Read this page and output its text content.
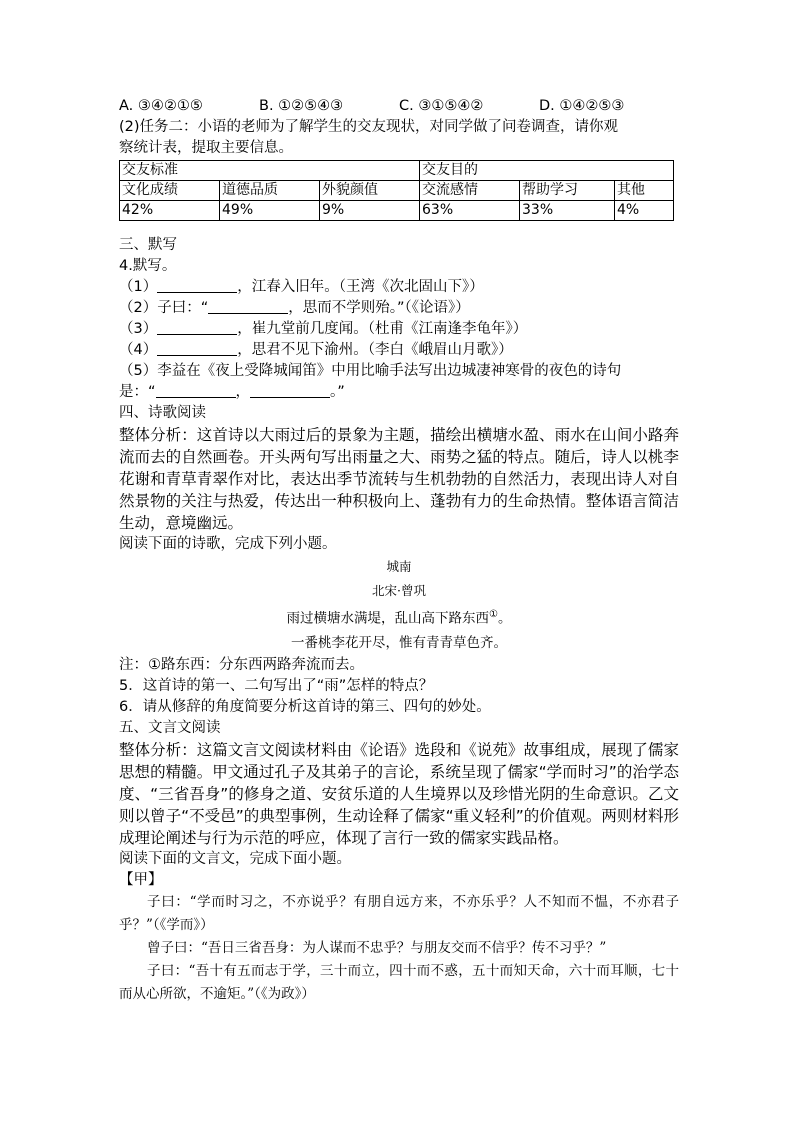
A. ③④②①⑤	B. ①②⑤④③	C. ③①⑤④②	D. ①④②⑤③
(2)任务二：小语的老师为了解学生的交友现状，对同学做了问卷调查，请你观
察统计表，提取主要信息。
交友标准			交友目的		
文化成绩	道德品质	外貌颜值	交流感情	帮助学习	其他
42%	49%	9%	63%	33%	4%
三、默写
4.默写。
（1）	，江春入旧年。（王湾《次北固山下》）
（2）子曰：“	，思而不学则殆。”（《论语》）
（3）	，崔九堂前几度闻。（杜甫《江南逢李龟年》）
（4）	，思君不见下渝州。（李白《峨眉山月歌》）
（5）李益在《夜上受降城闻笛》中用比喻手法写出边城凄神寒骨的夜色的诗句
是：“	，	。”
四、诗歌阅读
整体分析：这首诗以大雨过后的景象为主题，描绘出横塘水盈、雨水在山间小路奔流而去的自然画卷。开头两句写出雨量之大、雨势之猛的特点。随后，诗人以桃李花谢和青草青翠作对比，表达出季节流转与生机勃勃的自然活力，表现出诗人对自然景物的关注与热爱，传达出一种积极向上、蓬勃有力的生命热情。整体语言简洁生动，意境幽远。
阅读下面的诗歌，完成下列小题。
城南
北宋·曾巩
雨过横塘水满堤，乱山高下路东西①。
一番桃李花开尽，惟有青青草色齐。
注：①路东西：分东西两路奔流而去。
5．这首诗的第一、二句写出了“雨”怎样的特点？
6．请从修辞的角度简要分析这首诗的第三、四句的妙处。
五、文言文阅读
整体分析：这篇文言文阅读材料由《论语》选段和《说苑》故事组成，展现了儒家思想的精髓。甲文通过孔子及其弟子的言论，系统呈现了儒家“学而时习”的治学态度、“三省吾身”的修身之道、安贫乐道的人生境界以及珍惜光阴的生命意识。乙文则以曾子“不受邑”的典型事例，生动诠释了儒家“重义轻利”的价值观。两则材料形成理论阐述与行为示范的呼应，体现了言行一致的儒家实践品格。
阅读下面的文言文，完成下面小题。
【甲】
子曰：“学而时习之，不亦说乎？有朋自远方来，不亦乐乎？人不知而不愠，不亦君子乎？”（《学而》）
曾子曰：“吾日三省吾身：为人谋而不忠乎？与朋友交而不信乎？传不习乎？”
子曰：“吾十有五而志于学，三十而立，四十而不惑，五十而知天命，六十而耳顺，七十而从心所欲，不逾矩。”（《为政》）
